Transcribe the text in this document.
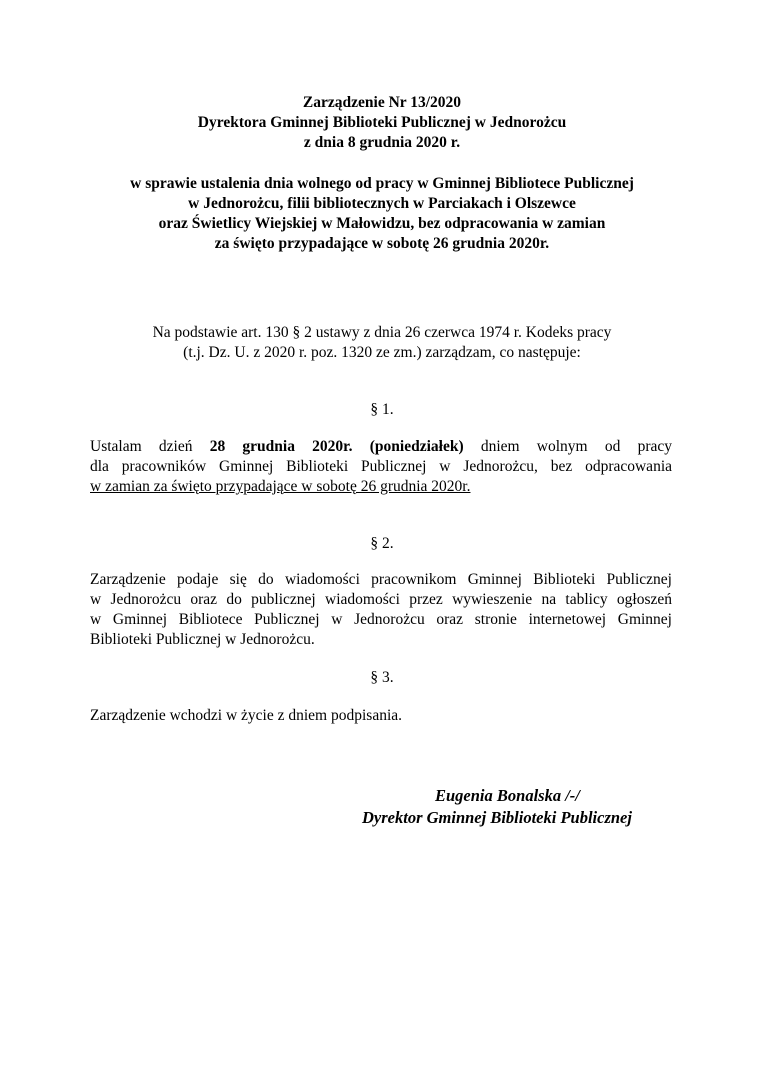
Zarządzenie Nr 13/2020
Dyrektora Gminnej Biblioteki Publicznej w Jednorożcu
z dnia 8 grudnia 2020 r.
w sprawie ustalenia dnia wolnego od pracy w Gminnej Bibliotece Publicznej
w Jednorożcu, filii bibliotecznych w Parciakach i Olszewce
oraz Świetlicy Wiejskiej w Małowidzu, bez odpracowania w zamian
za święto przypadające w sobotę 26 grudnia 2020r.
Na podstawie art. 130 § 2 ustawy z dnia 26 czerwca 1974 r. Kodeks pracy
(t.j. Dz. U. z 2020 r. poz. 1320 ze zm.) zarządzam, co następuje:
§ 1.
Ustalam dzień 28 grudnia 2020r. (poniedziałek) dniem wolnym od pracy
dla pracowników Gminnej Biblioteki Publicznej w Jednorożcu, bez odpracowania
w zamian za święto przypadające w sobotę 26 grudnia 2020r.
§ 2.
Zarządzenie podaje się do wiadomości pracownikom Gminnej Biblioteki Publicznej
w Jednorożcu oraz do publicznej wiadomości przez wywieszenie na tablicy ogłoszeń
w Gminnej Bibliotece Publicznej w Jednorożcu oraz stronie internetowej Gminnej
Biblioteki Publicznej w Jednorożcu.
§ 3.
Zarządzenie wchodzi w życie z dniem podpisania.
Eugenia Bonalska /-/
Dyrektor Gminnej Biblioteki Publicznej
